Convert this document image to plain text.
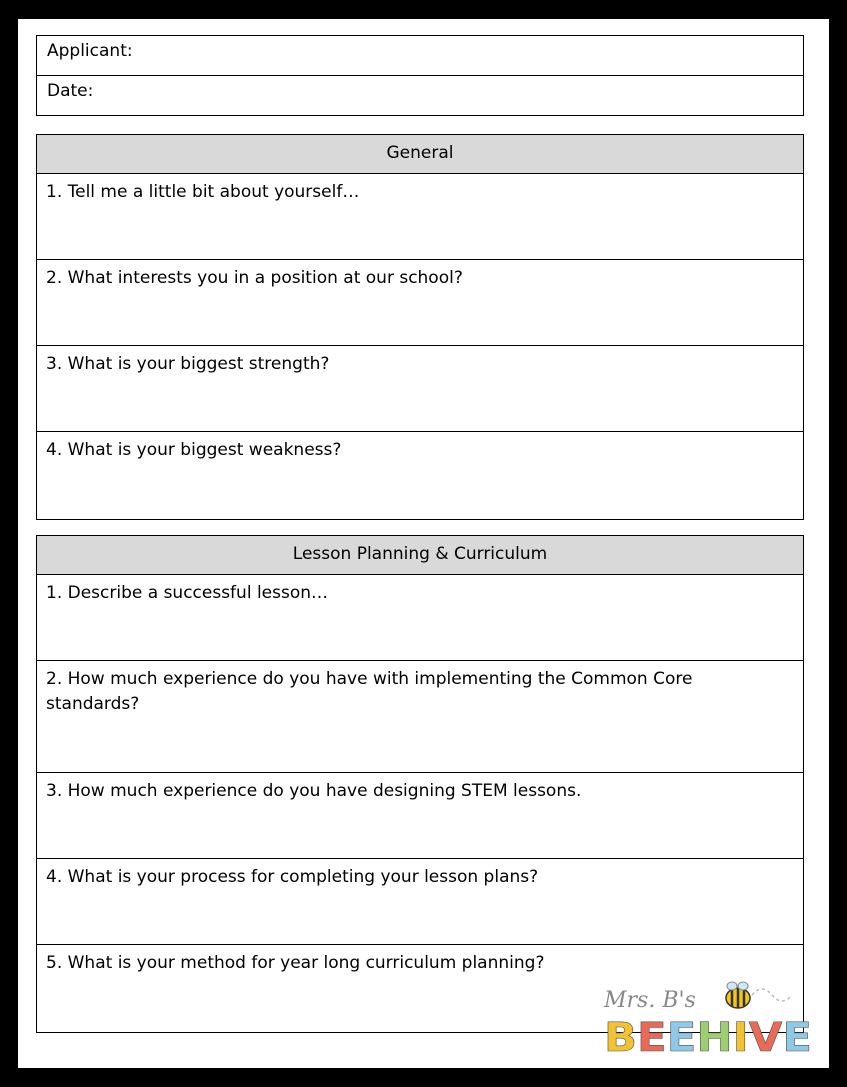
Applicant:
Date:
General
1. Tell me a little bit about yourself…
2. What interests you in a position at our school?
3. What is your biggest strength?
4. What is your biggest weakness?
Lesson Planning & Curriculum
1. Describe a successful lesson…
2. How much experience do you have with implementing the Common Core standards?
3. How much experience do you have designing STEM lessons.
4. What is your process for completing your lesson plans?
5. What is your method for year long curriculum planning?
Mrs. B's
BEEHIVE
